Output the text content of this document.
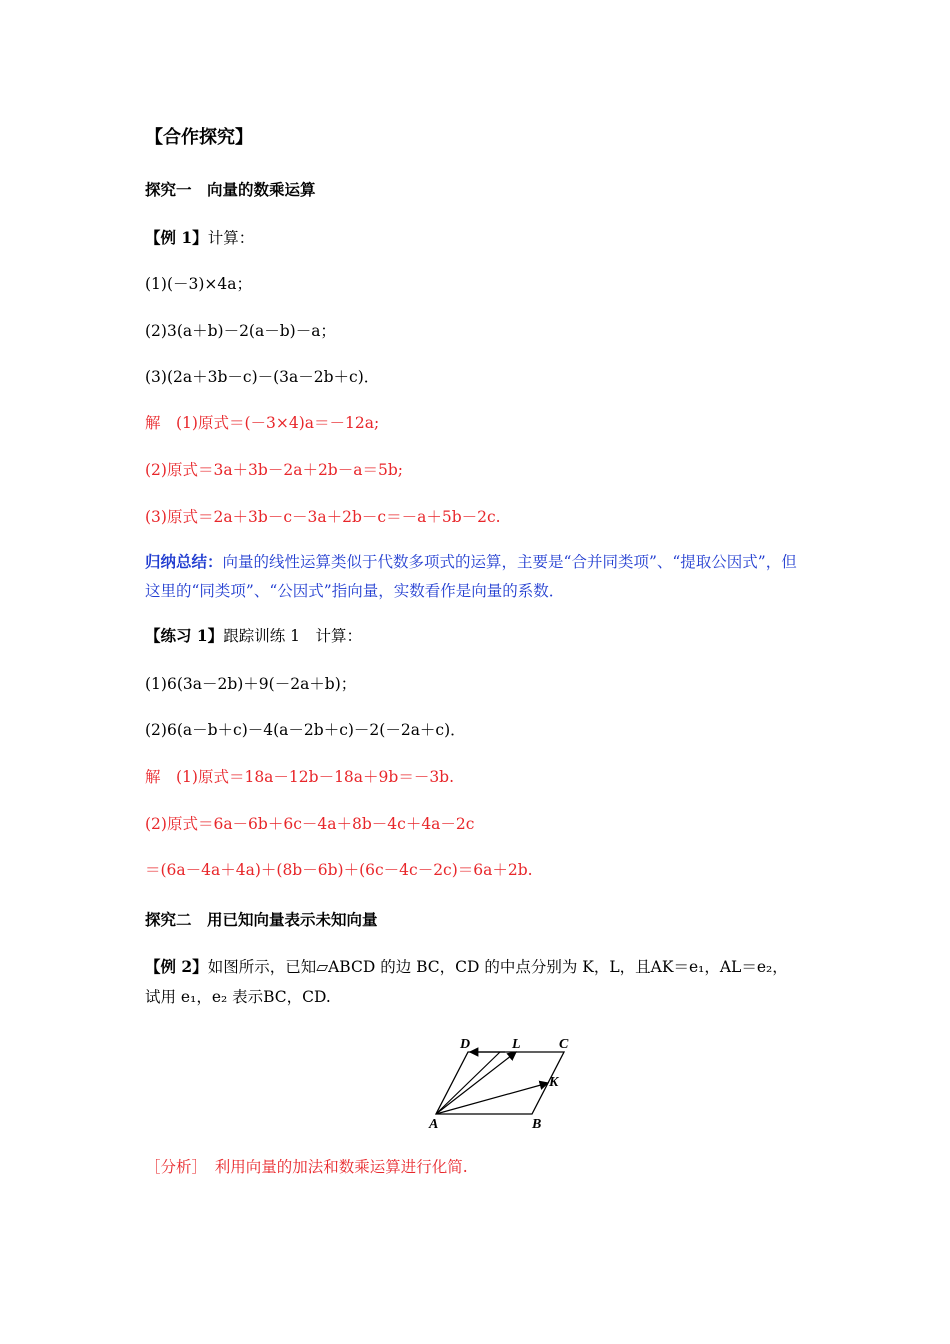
【合作探究】
探究一　向量的数乘运算
【例 1】计算：
(1)(－3)×4a；
(2)3(a＋b)－2(a－b)－a；
(3)(2a＋3b－c)－(3a－2b＋c)．
解　(1)原式＝(－3×4)a＝－12a;
(2)原式＝3a＋3b－2a＋2b－a＝5b;
(3)原式＝2a＋3b－c－3a＋2b－c＝－a＋5b－2c.
归纳总结：向量的线性运算类似于代数多项式的运算，主要是“合并同类项”、“提取公因式”，但这里的“同类项”、“公因式”指向量，实数看作是向量的系数．
【练习 1】跟踪训练 1　计算：
(1)6(3a－2b)＋9(－2a＋b)；
(2)6(a－b＋c)－4(a－2b＋c)－2(－2a＋c)．
解　(1)原式＝18a－12b－18a＋9b＝－3b.
(2)原式＝6a－6b＋6c－4a＋8b－4c＋4a－2c
＝(6a－4a＋4a)＋(8b－6b)＋(6c－4c－2c)＝6a＋2b.
探究二　用已知向量表示未知向量
【例 2】如图所示，已知▱ABCD 的边 BC，CD 的中点分别为 K，L，且AK＝e₁，AL＝e₂，
试用 e₁，e₂ 表示BC，CD.
A	B
C
D
K
L
［分析］　利用向量的加法和数乘运算进行化简.
